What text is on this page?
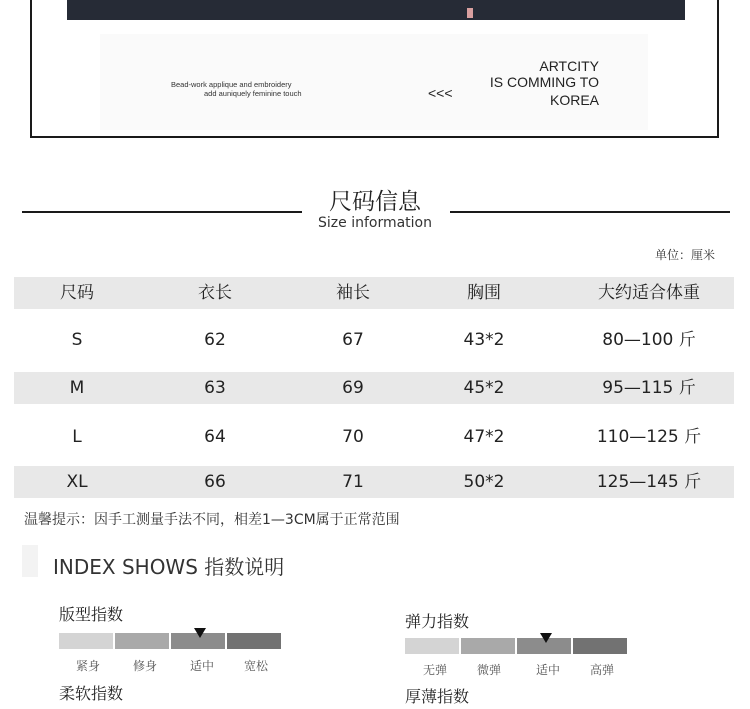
Bead-work applique and embroidery
add auniquely feminine touch	<<<
ARTCITY
IS COMMING TO
KOREA
尺码信息
Size information
单位：厘米
尺码	衣长	袖长	胸围	大约适合体重
S	62	67	43*2	80—100 斤
M	63	69	45*2	95—115 斤
L	64	70	47*2	110—125 斤
XL	66	71	50*2	125—145 斤
温馨提示：因手工测量手法不同，相差1—3CM属于正常范围
INDEX SHOWS 指数说明
版型指数
紧身	修身	适中	宽松
柔软指数
弹力指数
无弹	微弹	适中	高弹
厚薄指数
